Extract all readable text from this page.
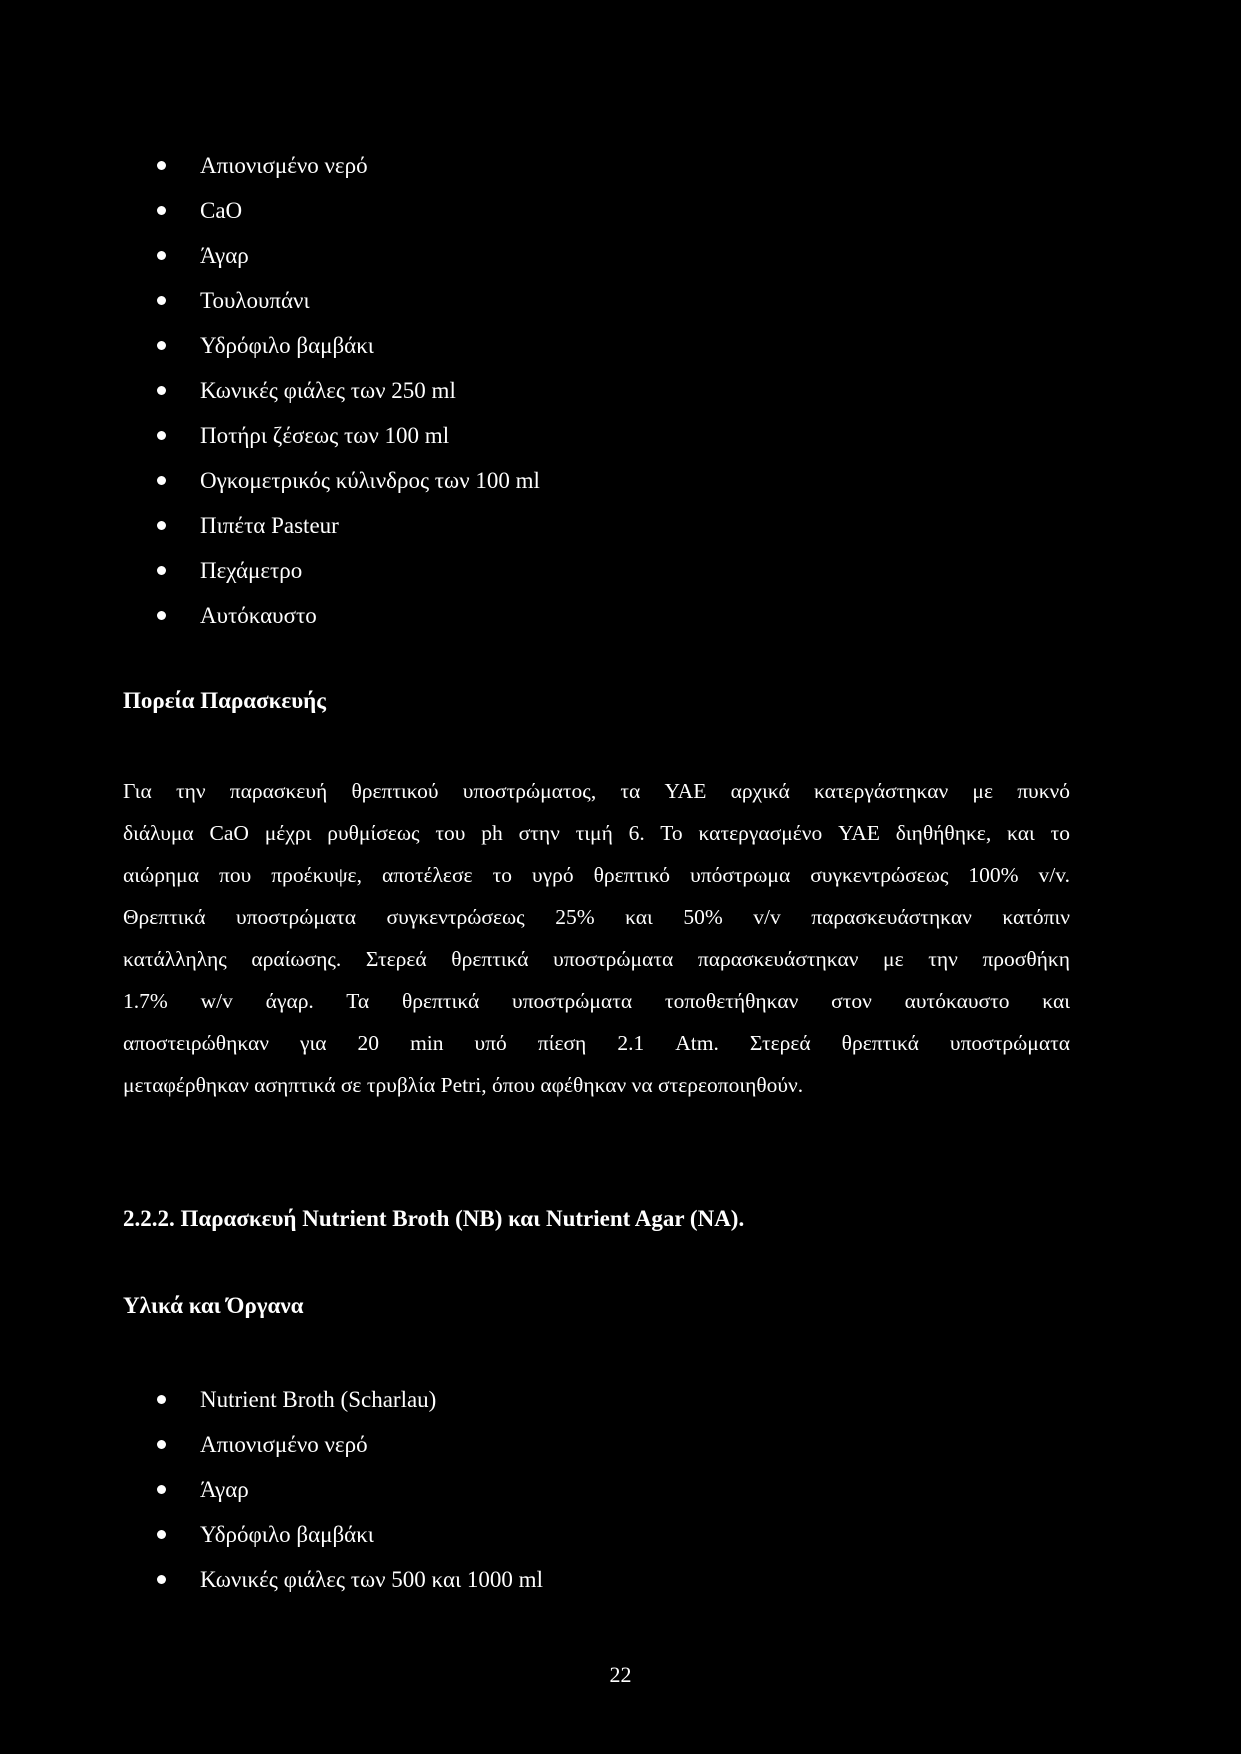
Απιονισμένο νερό
CaO
Άγαρ
Τουλουπάνι
Υδρόφιλο βαμβάκι
Κωνικές φιάλες των 250 ml
Ποτήρι ζέσεως των 100 ml
Ογκομετρικός κύλινδρος των 100 ml
Πιπέτα Pasteur
Πεχάμετρο
Αυτόκαυστο
Πορεία Παρασκευής
Για την παρασκευή θρεπτικού υποστρώματος, τα YAE αρχικά κατεργάστηκαν με πυκνό
διάλυμα CaO μέχρι ρυθμίσεως του ph στην τιμή 6. Το κατεργασμένο YAE διηθήθηκε, και το
αιώρημα που προέκυψε, αποτέλεσε το υγρό θρεπτικό υπόστρωμα συγκεντρώσεως 100% v/v.
Θρεπτικά υποστρώματα συγκεντρώσεως 25% και 50% v/v παρασκευάστηκαν κατόπιν
κατάλληλης αραίωσης. Στερεά θρεπτικά υποστρώματα παρασκευάστηκαν με την προσθήκη
1.7% w/v άγαρ. Τα θρεπτικά υποστρώματα τοποθετήθηκαν στον αυτόκαυστο και
αποστειρώθηκαν για 20 min υπό πίεση 2.1 Atm. Στερεά θρεπτικά υποστρώματα
μεταφέρθηκαν ασηπτικά σε τρυβλία Petri, όπου αφέθηκαν να στερεοποιηθούν.
2.2.2. Παρασκευή Nutrient Broth (NB) και Nutrient Agar (NA).
Υλικά και Όργανα
Nutrient Broth (Scharlau)
Απιονισμένο νερό
Άγαρ
Υδρόφιλο βαμβάκι
Κωνικές φιάλες των 500 και 1000 ml
22
